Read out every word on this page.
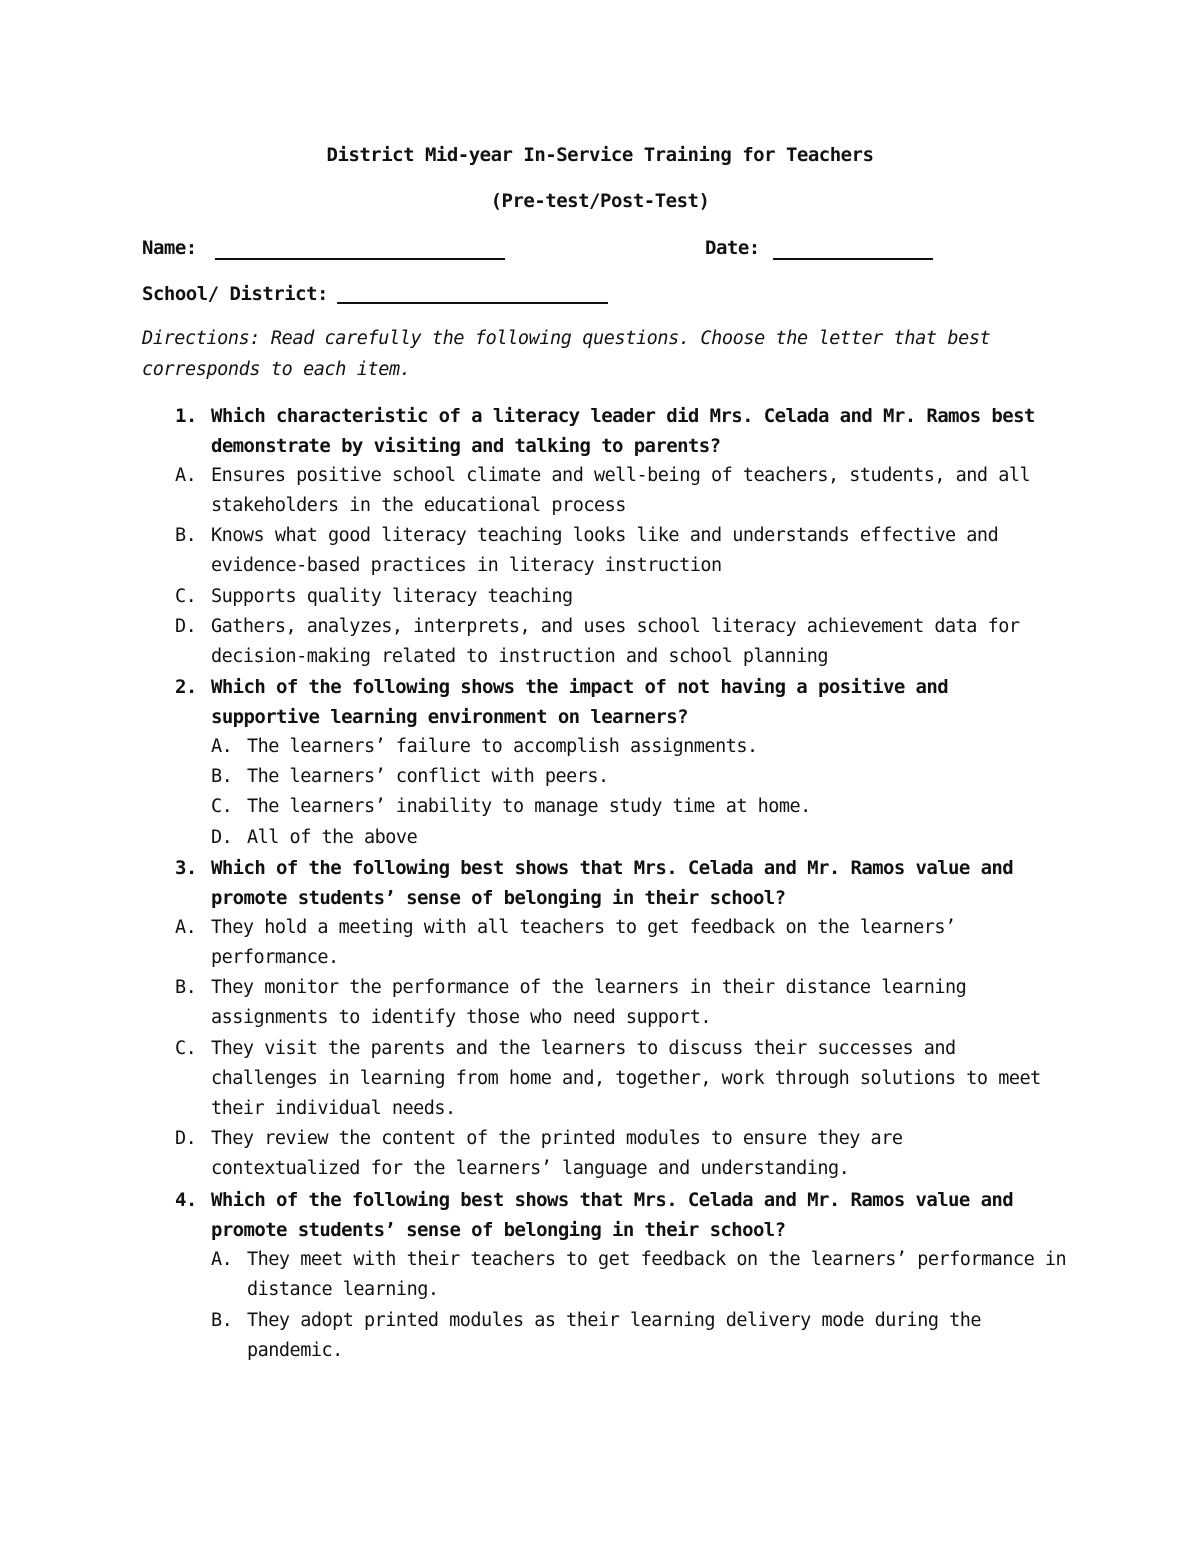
District Mid-year In-Service Training for Teachers
(Pre-test/Post-Test)
Name:	Date:
School/ District:
Directions: Read carefully the following questions. Choose the letter that best corresponds to each item.
1. Which characteristic of a literacy leader did Mrs. Celada and Mr. Ramos best demonstrate by visiting and talking to parents?
A. Ensures positive school climate and well-being of teachers, students, and all stakeholders in the educational process
B. Knows what good literacy teaching looks like and understands effective and evidence-based practices in literacy instruction
C. Supports quality literacy teaching
D. Gathers, analyzes, interprets, and uses school literacy achievement data for decision-making related to instruction and school planning
2. Which of the following shows the impact of not having a positive and supportive learning environment on learners?
A. The learners’ failure to accomplish assignments.
B. The learners’ conflict with peers.
C. The learners’ inability to manage study time at home.
D. All of the above
3. Which of the following best shows that Mrs. Celada and Mr. Ramos value and promote students’ sense of belonging in their school?
A. They hold a meeting with all teachers to get feedback on the learners’ performance.
B. They monitor the performance of the learners in their distance learning assignments to identify those who need support.
C. They visit the parents and the learners to discuss their successes and challenges in learning from home and, together, work through solutions to meet their individual needs.
D. They review the content of the printed modules to ensure they are contextualized for the learners’ language and understanding.
4. Which of the following best shows that Mrs. Celada and Mr. Ramos value and promote students’ sense of belonging in their school?
A. They meet with their teachers to get feedback on the learners’ performance in distance learning.
B. They adopt printed modules as their learning delivery mode during the pandemic.
